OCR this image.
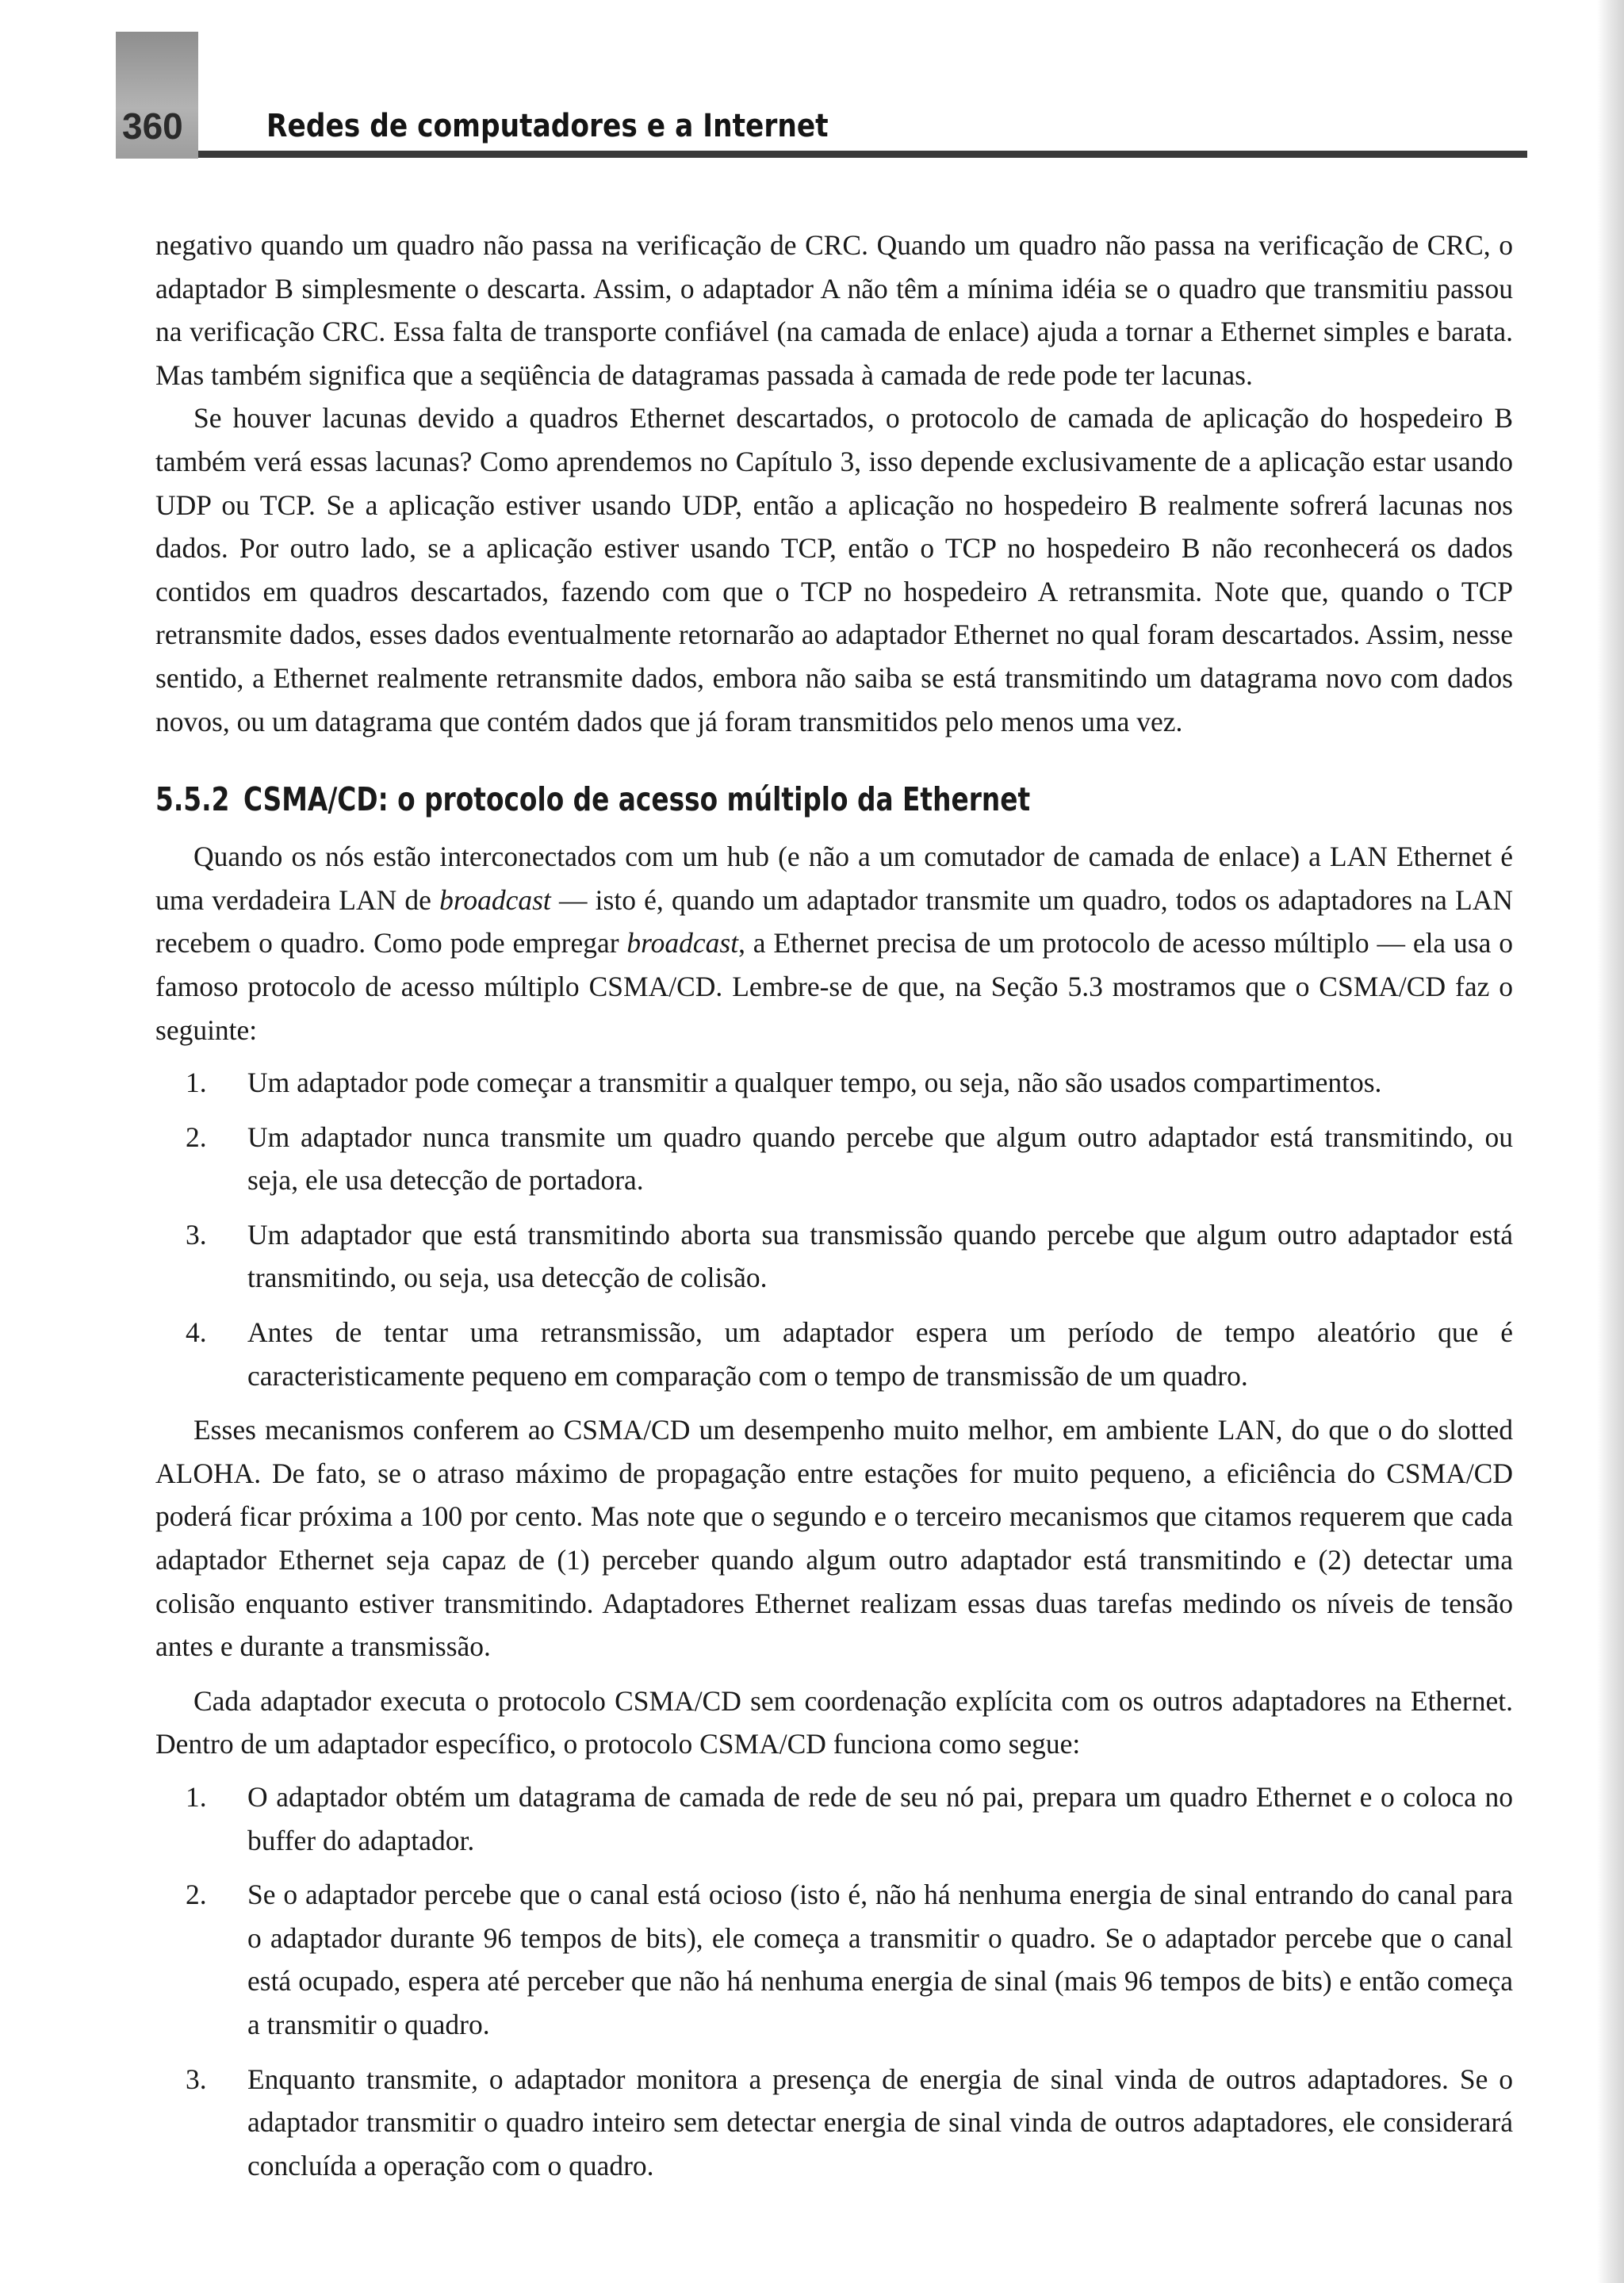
360	Redes de computadores e a Internet

negativo quando um quadro não passa na verificação de CRC. Quando um quadro não passa na verificação de CRC, o adaptador B simplesmente o descarta. Assim, o adaptador A não têm a mínima idéia se o quadro que transmitiu passou na verificação CRC. Essa falta de transporte confiável (na camada de enlace) ajuda a tornar a Ethernet simples e barata. Mas também significa que a seqüência de datagramas passada à camada de rede pode ter lacunas.

Se houver lacunas devido a quadros Ethernet descartados, o protocolo de camada de aplicação do hospedeiro B também verá essas lacunas? Como aprendemos no Capítulo 3, isso depende exclusivamente de a aplicação estar usando UDP ou TCP. Se a aplicação estiver usando UDP, então a aplicação no hospedeiro B realmente sofrerá lacunas nos dados. Por outro lado, se a aplicação estiver usando TCP, então o TCP no hospedeiro B não reconhecerá os dados contidos em quadros descartados, fazendo com que o TCP no hospedeiro A retransmita. Note que, quando o TCP retransmite dados, esses dados eventualmente retornarão ao adaptador Ethernet no qual foram descartados. Assim, nesse sentido, a Ethernet realmente retransmite dados, embora não saiba se está transmitindo um datagrama novo com dados novos, ou um datagrama que contém dados que já foram transmitidos pelo menos uma vez.

5.5.2 CSMA/CD: o protocolo de acesso múltiplo da Ethernet

Quando os nós estão interconectados com um hub (e não a um comutador de camada de enlace) a LAN Ethernet é uma verdadeira LAN de broadcast — isto é, quando um adaptador transmite um quadro, todos os adaptadores na LAN recebem o quadro. Como pode empregar broadcast, a Ethernet precisa de um protocolo de acesso múltiplo — ela usa o famoso protocolo de acesso múltiplo CSMA/CD. Lembre-se de que, na Seção 5.3 mostramos que o CSMA/CD faz o seguinte:

1.	Um adaptador pode começar a transmitir a qualquer tempo, ou seja, não são usados compartimentos.
2.	Um adaptador nunca transmite um quadro quando percebe que algum outro adaptador está transmitindo, ou seja, ele usa detecção de portadora.
3.	Um adaptador que está transmitindo aborta sua transmissão quando percebe que algum outro adaptador está transmitindo, ou seja, usa detecção de colisão.
4.	Antes de tentar uma retransmissão, um adaptador espera um período de tempo aleatório que é caracteristicamente pequeno em comparação com o tempo de transmissão de um quadro.

Esses mecanismos conferem ao CSMA/CD um desempenho muito melhor, em ambiente LAN, do que o do slotted ALOHA. De fato, se o atraso máximo de propagação entre estações for muito pequeno, a eficiência do CSMA/CD poderá ficar próxima a 100 por cento. Mas note que o segundo e o terceiro mecanismos que citamos requerem que cada adaptador Ethernet seja capaz de (1) perceber quando algum outro adaptador está transmitindo e (2) detectar uma colisão enquanto estiver transmitindo. Adaptadores Ethernet realizam essas duas tarefas medindo os níveis de tensão antes e durante a transmissão.

Cada adaptador executa o protocolo CSMA/CD sem coordenação explícita com os outros adaptadores na Ethernet. Dentro de um adaptador específico, o protocolo CSMA/CD funciona como segue:

1.	O adaptador obtém um datagrama de camada de rede de seu nó pai, prepara um quadro Ethernet e o coloca no buffer do adaptador.
2.	Se o adaptador percebe que o canal está ocioso (isto é, não há nenhuma energia de sinal entrando do canal para o adaptador durante 96 tempos de bits), ele começa a transmitir o quadro. Se o adaptador percebe que o canal está ocupado, espera até perceber que não há nenhuma energia de sinal (mais 96 tempos de bits) e então começa a transmitir o quadro.
3.	Enquanto transmite, o adaptador monitora a presença de energia de sinal vinda de outros adaptadores. Se o adaptador transmitir o quadro inteiro sem detectar energia de sinal vinda de outros adaptadores, ele considerará concluída a operação com o quadro.
